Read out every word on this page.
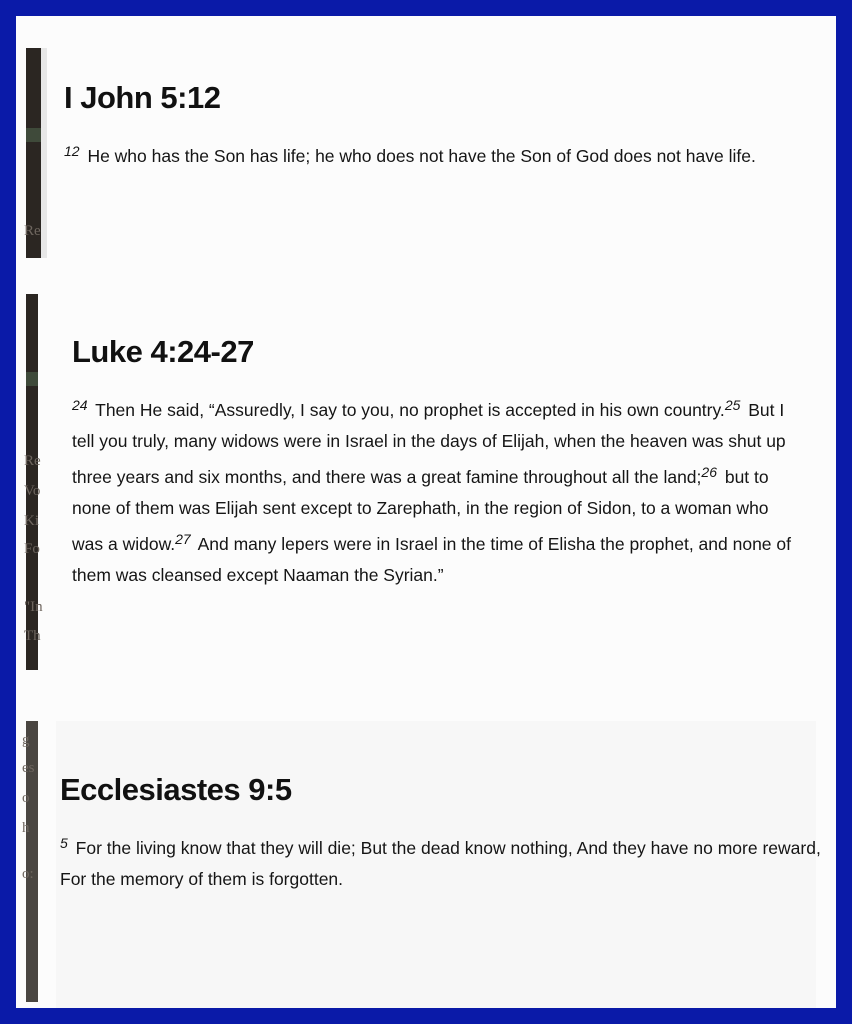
Re
Re
Vo
Ki
Fo
"In
Th
g
es
o
h
o:
I John 5:12

$^{12}$ He who has the Son has life; he who does not have the Son of God does not have life.

Luke 4:24-27

$^{24}$ Then He said, “Assuredly, I say to you, no prophet is accepted in his own country.$^{25}$ But I tell you truly, many widows were in Israel in the days of Elijah, when the heaven was shut up three years and six months, and there was a great famine throughout all the land;$^{26}$ but to none of them was Elijah sent except to Zarephath, in the region of Sidon, to a woman who was a widow.$^{27}$ And many lepers were in Israel in the time of Elisha the prophet, and none of them was cleansed except Naaman the Syrian.”

Ecclesiastes 9:5

$^5$ For the living know that they will die; But the dead know nothing, And they have no more reward, For the memory of them is forgotten.
